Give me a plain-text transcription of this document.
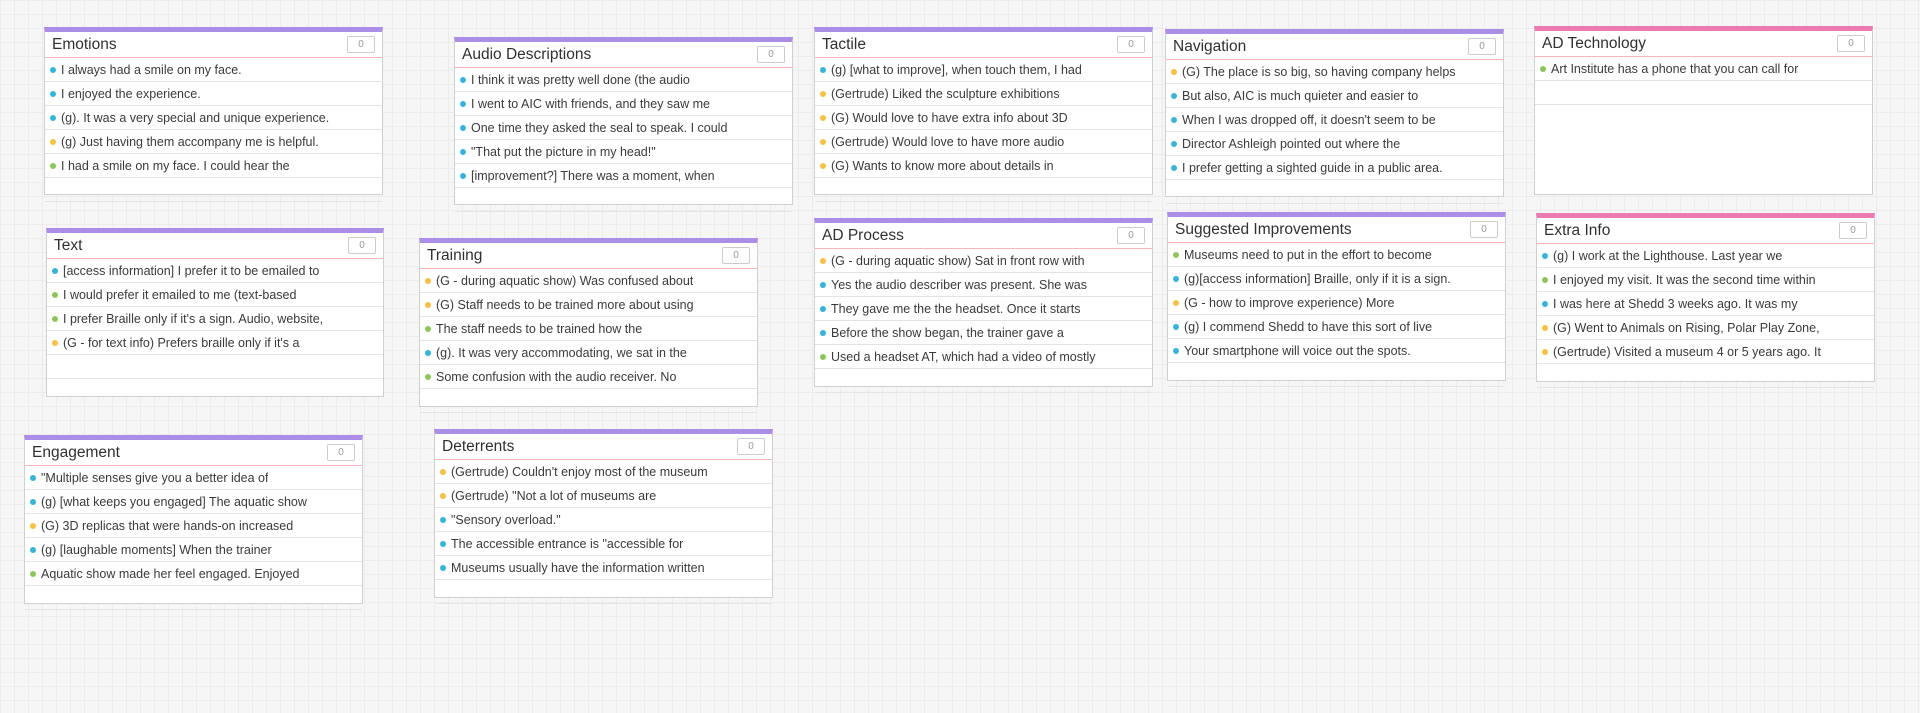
Emotions	0
I always had a smile on my face.
I enjoyed the experience.
(g). It was a very special and unique experience.
(g) Just having them accompany me is helpful.
I had a smile on my face. I could hear the
Audio Descriptions	0
I think it was pretty well done (the audio
I went to AIC with friends, and they saw me
One time they asked the seal to speak. I could
"That put the picture in my head!"
[improvement?] There was a moment, when
Tactile	0
(g) [what to improve], when touch them, I had
(Gertrude) Liked the sculpture exhibitions
(G) Would love to have extra info about 3D
(Gertrude) Would love to have more audio
(G) Wants to know more about details in
Navigation	0
(G) The place is so big, so having company helps
But also, AIC is much quieter and easier to
When I was dropped off, it doesn't seem to be
Director Ashleigh pointed out where the
I prefer getting a sighted guide in a public area.
AD Technology	0
Art Institute has a phone that you can call for
Text	0
[access information] I prefer it to be emailed to
I would prefer it emailed to me (text-based
I prefer Braille only if it's a sign. Audio, website,
(G - for text info) Prefers braille only if it's a
Training	0
(G - during aquatic show) Was confused about
(G) Staff needs to be trained more about using
The staff needs to be trained how the
(g). It was very accommodating, we sat in the
Some confusion with the audio receiver. No
AD Process	0
(G - during aquatic show) Sat in front row with
Yes the audio describer was present. She was
They gave me the the headset. Once it starts
Before the show began, the trainer gave a
Used a headset AT, which had a video of mostly
Suggested Improvements	0
Museums need to put in the effort to become
(g)[access information] Braille, only if it is a sign.
(G - how to improve experience) More
(g) I commend Shedd to have this sort of live
Your smartphone will voice out the spots.
Extra Info	0
(g) I work at the Lighthouse. Last year we
I enjoyed my visit. It was the second time within
I was here at Shedd 3 weeks ago. It was my
(G) Went to Animals on Rising, Polar Play Zone,
(Gertrude) Visited a museum 4 or 5 years ago. It
Engagement	0
"Multiple senses give you a better idea of
(g) [what keeps you engaged] The aquatic show
(G) 3D replicas that were hands-on increased
(g) [laughable moments] When the trainer
Aquatic show made her feel engaged. Enjoyed
Deterrents	0
(Gertrude) Couldn't enjoy most of the museum
(Gertrude) "Not a lot of museums are
"Sensory overload."
The accessible entrance is "accessible for
Museums usually have the information written
